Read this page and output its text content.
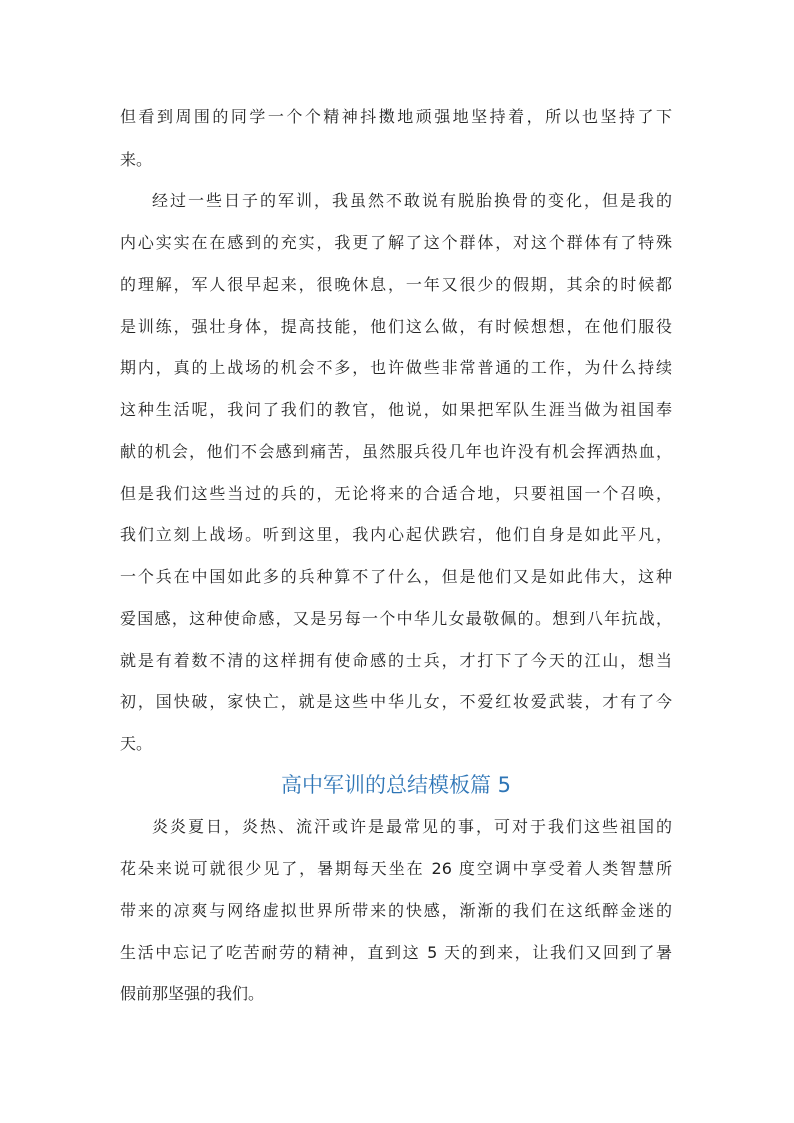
但看到周围的同学一个个精神抖擞地顽强地坚持着，所以也坚持了下
来。
经过一些日子的军训，我虽然不敢说有脱胎换骨的变化，但是我的
内心实实在在感到的充实，我更了解了这个群体，对这个群体有了特殊
的理解，军人很早起来，很晚休息，一年又很少的假期，其余的时候都
是训练，强壮身体，提高技能，他们这么做，有时候想想，在他们服役
期内，真的上战场的机会不多，也许做些非常普通的工作，为什么持续
这种生活呢，我问了我们的教官，他说，如果把军队生涯当做为祖国奉
献的机会，他们不会感到痛苦，虽然服兵役几年也许没有机会挥洒热血，
但是我们这些当过的兵的，无论将来的合适合地，只要祖国一个召唤，
我们立刻上战场。听到这里，我内心起伏跌宕，他们自身是如此平凡，
一个兵在中国如此多的兵种算不了什么，但是他们又是如此伟大，这种
爱国感，这种使命感，又是另每一个中华儿女最敬佩的。想到八年抗战，
就是有着数不清的这样拥有使命感的士兵，才打下了今天的江山，想当
初，国快破，家快亡，就是这些中华儿女，不爱红妆爱武装，才有了今
天。
高中军训的总结模板篇 5
炎炎夏日，炎热、流汗或许是最常见的事，可对于我们这些祖国的
花朵来说可就很少见了，暑期每天坐在 26 度空调中享受着人类智慧所
带来的凉爽与网络虚拟世界所带来的快感，渐渐的我们在这纸醉金迷的
生活中忘记了吃苦耐劳的精神，直到这 5 天的到来，让我们又回到了暑
假前那坚强的我们。
